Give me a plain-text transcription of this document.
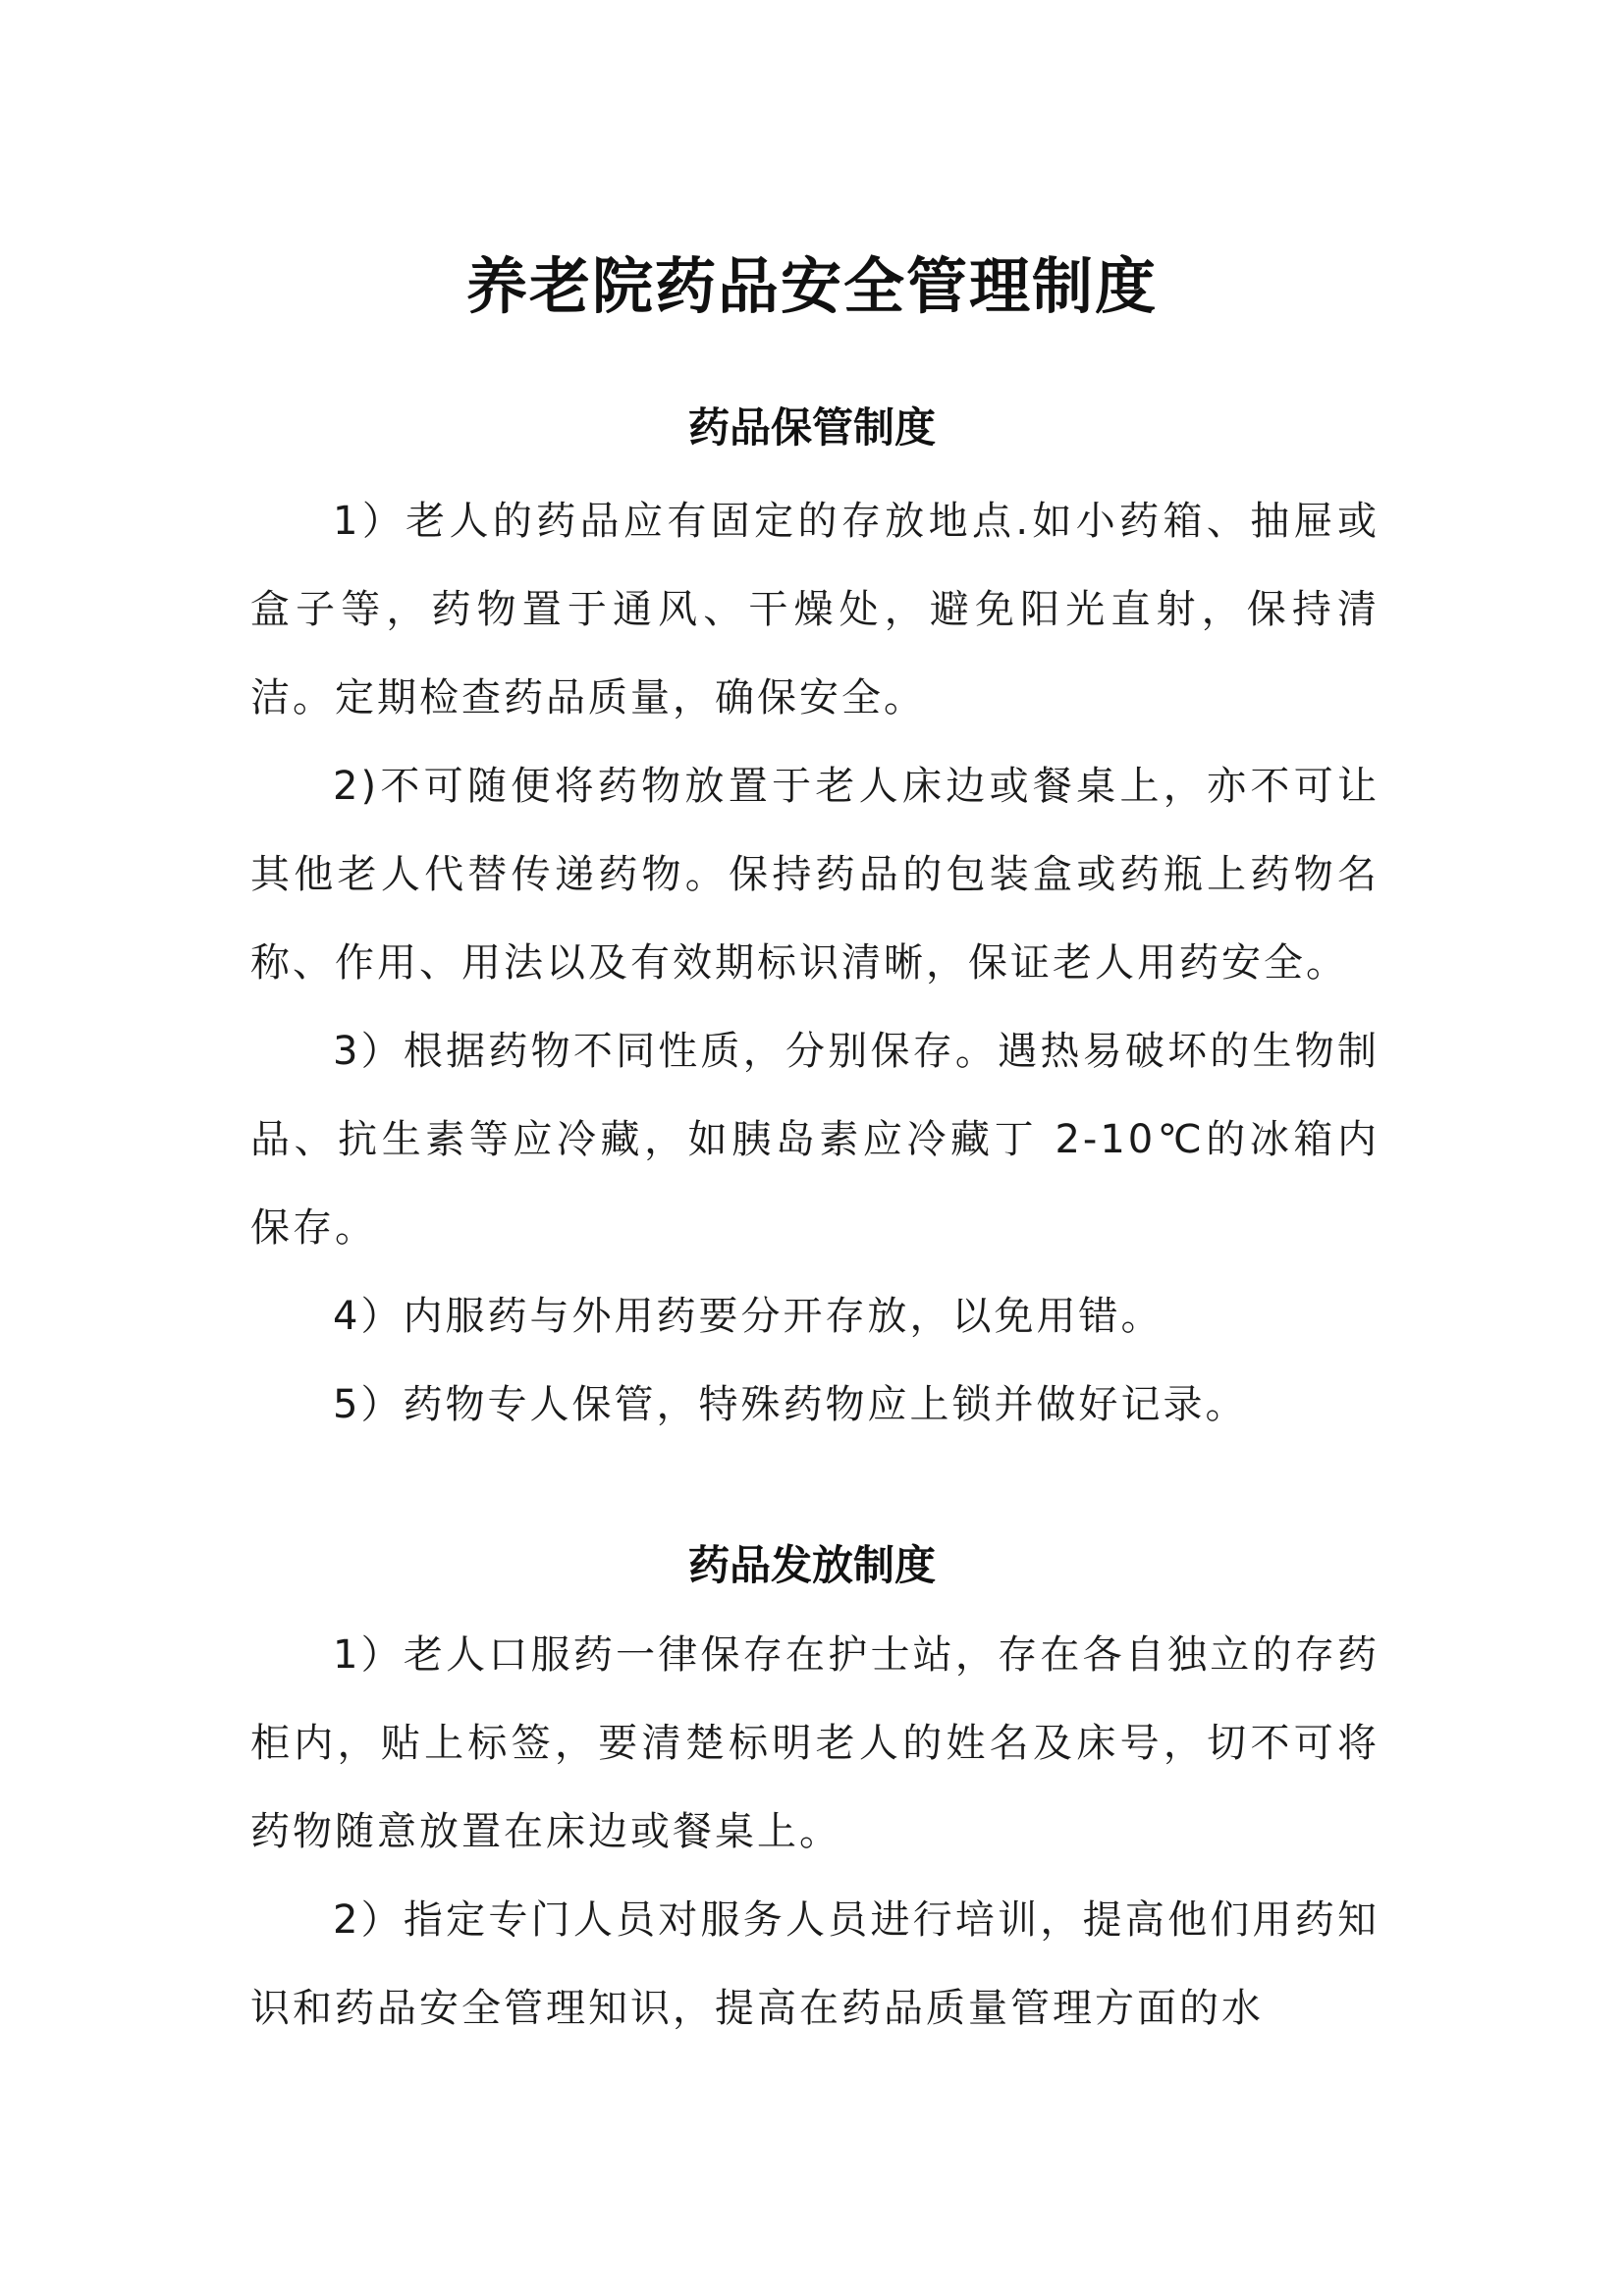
养老院药品安全管理制度
药品保管制度

1）老人的药品应有固定的存放地点.如小药箱、抽屉或盒子等，药物置于通风、干燥处，避免阳光直射，保持清洁。定期检查药品质量，确保安全。

2)不可随便将药物放置于老人床边或餐桌上，亦不可让其他老人代替传递药物。保持药品的包装盒或药瓶上药物名称、作用、用法以及有效期标识清晰，保证老人用药安全。

3）根据药物不同性质，分别保存。遇热易破坏的生物制品、抗生素等应冷藏，如胰岛素应冷藏丁 2-10℃的冰箱内保存。

4）内服药与外用药要分开存放，以免用错。

5）药物专人保管，特殊药物应上锁并做好记录。

药品发放制度

1）老人口服药一律保存在护士站，存在各自独立的存药柜内，贴上标签，要清楚标明老人的姓名及床号，切不可将药物随意放置在床边或餐桌上。

2）指定专门人员对服务人员进行培训，提高他们用药知识和药品安全管理知识，提高在药品质量管理方面的水
